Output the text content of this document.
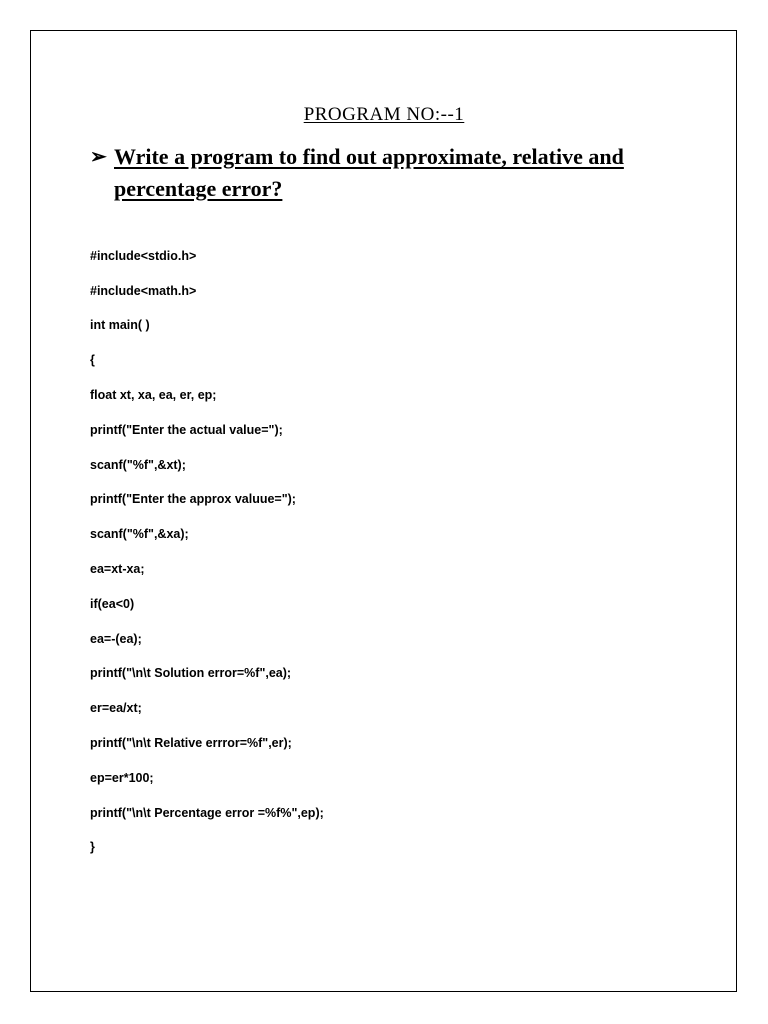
PROGRAM NO:--1
➢ Write a program to find out approximate, relative and
percentage error?
#include<stdio.h>
#include<math.h>
int main( )
{
float xt, xa, ea, er, ep;
printf("Enter the actual value=");
scanf("%f",&xt);
printf("Enter the approx valuue=");
scanf("%f",&xa);
ea=xt-xa;
if(ea<0)
ea=-(ea);
printf("\n\t Solution error=%f",ea);
er=ea/xt;
printf("\n\t Relative errror=%f",er);
ep=er*100;
printf("\n\t Percentage error =%f%",ep);
}
